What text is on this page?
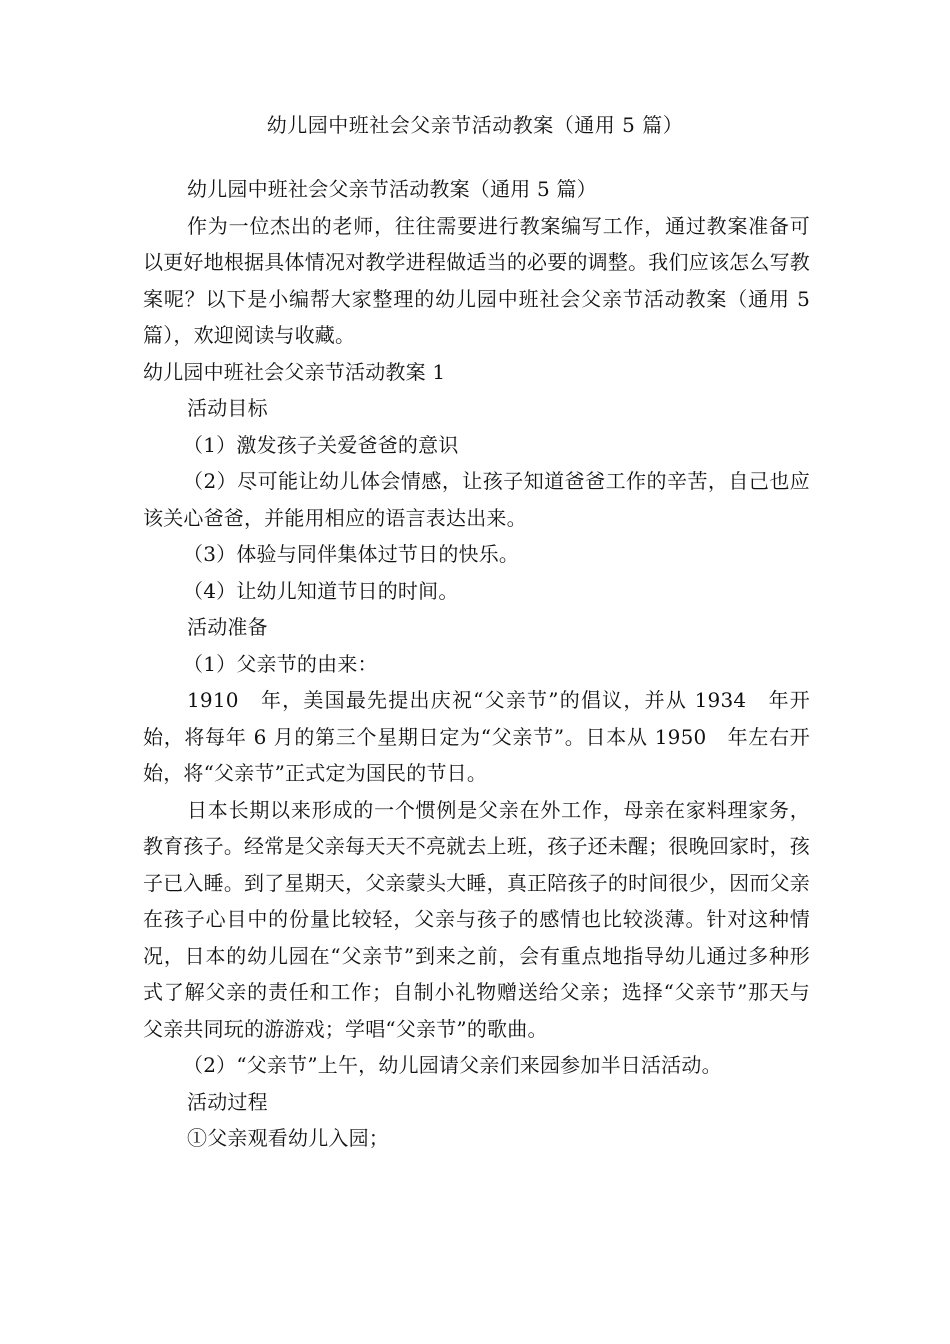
幼儿园中班社会父亲节活动教案（通用 5 篇）

幼儿园中班社会父亲节活动教案（通用 5 篇）

作为一位杰出的老师，往往需要进行教案编写工作，通过教案准备可以更好地根据具体情况对教学进程做适当的必要的调整。我们应该怎么写教案呢？以下是小编帮大家整理的幼儿园中班社会父亲节活动教案（通用 5 篇），欢迎阅读与收藏。

幼儿园中班社会父亲节活动教案 1

活动目标

（1）激发孩子关爱爸爸的意识

（2）尽可能让幼儿体会情感，让孩子知道爸爸工作的辛苦，自己也应该关心爸爸，并能用相应的语言表达出来。

（3）体验与同伴集体过节日的快乐。

（4）让幼儿知道节日的时间。

活动准备

（1）父亲节的由来：

1910　年，美国最先提出庆祝“父亲节”的倡议，并从 1934　年开始，将每年 6 月的第三个星期日定为“父亲节”。日本从 1950　年左右开始，将“父亲节”正式定为国民的节日。

日本长期以来形成的一个惯例是父亲在外工作，母亲在家料理家务，教育孩子。经常是父亲每天天不亮就去上班，孩子还未醒；很晚回家时，孩子已入睡。到了星期天，父亲蒙头大睡，真正陪孩子的时间很少，因而父亲在孩子心目中的份量比较轻，父亲与孩子的感情也比较淡薄。针对这种情况，日本的幼儿园在“父亲节”到来之前，会有重点地指导幼儿通过多种形式了解父亲的责任和工作；自制小礼物赠送给父亲；选择“父亲节”那天与父亲共同玩的游游戏；学唱“父亲节”的歌曲。

（2）“父亲节”上午，幼儿园请父亲们来园参加半日活活动。

活动过程

①父亲观看幼儿入园；
